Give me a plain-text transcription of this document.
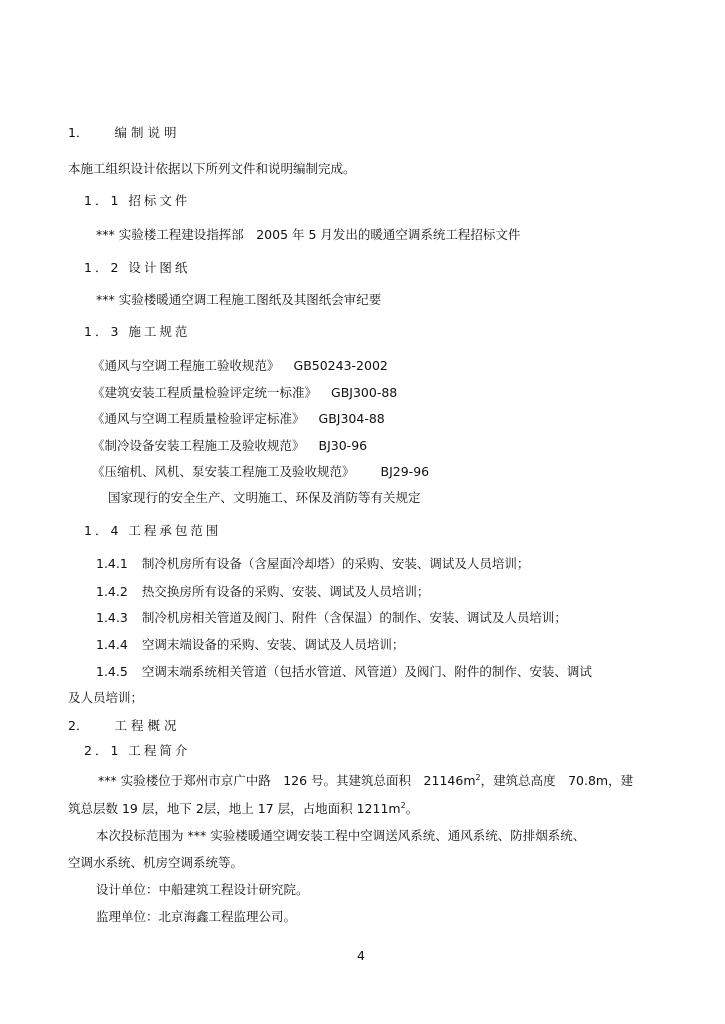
1． 编制说明
本施工组织设计依据以下所列文件和说明编制完成。
1．1 招标文件
*** 实验楼工程建设指挥部　2005 年 5 月发出的暖通空调系统工程招标文件
1．2 设计图纸
*** 实验楼暖通空调工程施工图纸及其图纸会审纪要
1．3 施工规范
《通风与空调工程施工验收规范》 GB50243-2002
《建筑安装工程质量检验评定统一标准》 GBJ300-88
《通风与空调工程质量检验评定标准》 GBJ304-88
《制冷设备安装工程施工及验收规范》 BJ30-96
《压缩机、风机、泵安装工程施工及验收规范》 BJ29-96
国家现行的安全生产、文明施工、环保及消防等有关规定
1．4 工程承包范围
1.4.1 制冷机房所有设备（含屋面冷却塔）的采购、安装、调试及人员培训；
1.4.2 热交换房所有设备的采购、安装、调试及人员培训；
1.4.3 制冷机房相关管道及阀门、附件（含保温）的制作、安装、调试及人员培训；
1.4.4 空调末端设备的采购、安装、调试及人员培训；
1.4.5 空调末端系统相关管道（包括水管道、风管道）及阀门、附件的制作、安装、调试
及人员培训；
2． 工程概况
2．1 工程简介
*** 实验楼位于郑州市京广中路　126 号。其建筑总面积　$21146m^2$，建筑总高度　70.8m，建
筑总层数 19 层，地下 2层，地上 17 层，占地面积 $1211m^2$。
本次投标范围为 *** 实验楼暖通空调安装工程中空调送风系统、通风系统、防排烟系统、
空调水系统、机房空调系统等。
设计单位：中船建筑工程设计研究院。
监理单位：北京海鑫工程监理公司。
4
